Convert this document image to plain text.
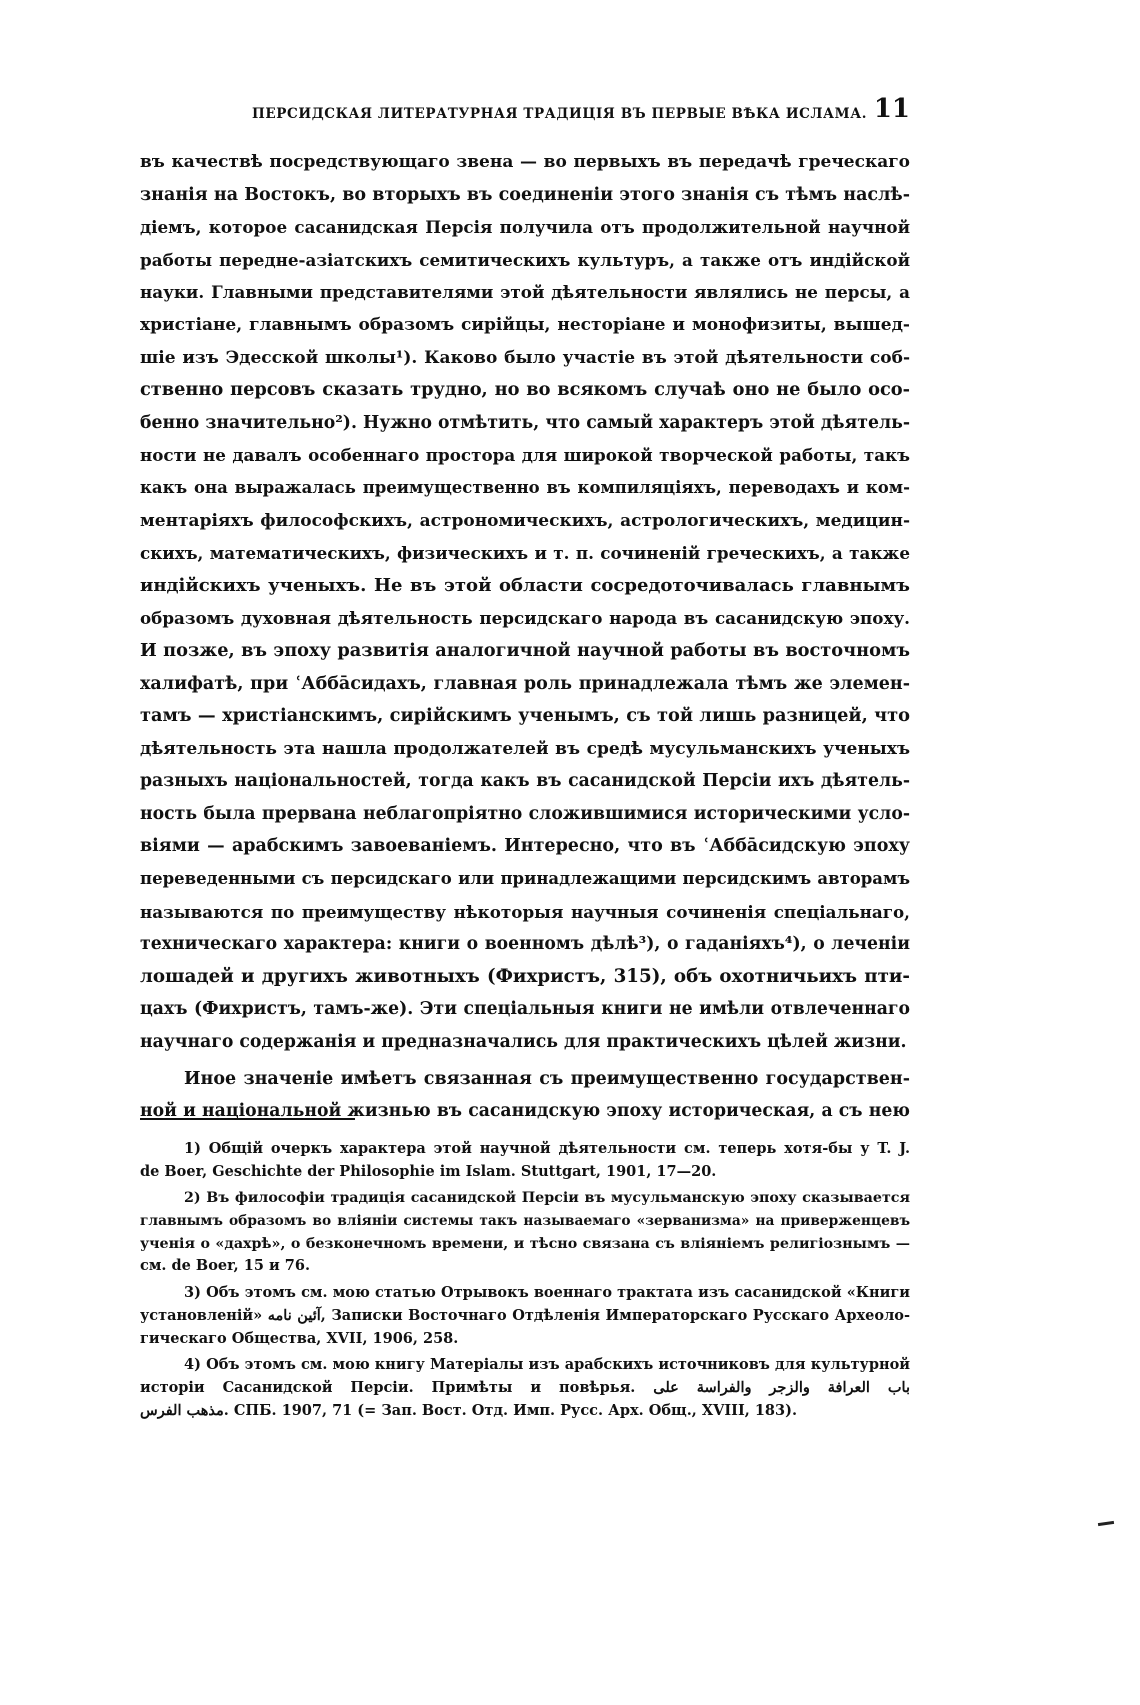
ПЕРСИДСКАЯ ЛИТЕРАТУРНАЯ ТРАДИЦІЯ ВЪ ПЕРВЫЕ ВѢКА ИСЛАМА. 11
въ качествѣ посредствующаго звена — во первыхъ въ передачѣ греческаго
знанія на Востокъ, во вторыхъ въ соединеніи этого знанія съ тѣмъ наслѣ-
діемъ, которое сасанидская Персія получила отъ продолжительной научной
работы передне-азіатскихъ семитическихъ культуръ, а также отъ индійской
науки. Главными представителями этой дѣятельности являлись не персы, а
христіане, главнымъ образомъ сирійцы, несторіане и монофизиты, вышед-
шіе изъ Эдесской школы¹). Каково было участіе въ этой дѣятельности соб-
ственно персовъ сказать трудно, но во всякомъ случаѣ оно не было осо-
бенно значительно²). Нужно отмѣтить, что самый характеръ этой дѣятель-
ности не давалъ особеннаго простора для широкой творческой работы, такъ
какъ она выражалась преимущественно въ компиляціяхъ, переводахъ и ком-
ментаріяхъ философскихъ, астрономическихъ, астрологическихъ, медицин-
скихъ, математическихъ, физическихъ и т. п. сочиненій греческихъ, а также
индійскихъ ученыхъ. Не въ этой области сосредоточивалась главнымъ
образомъ духовная дѣятельность персидскаго народа въ сасанидскую эпоху.
И позже, въ эпоху развитія аналогичной научной работы въ восточномъ
халифатѣ, при ʿАббāсидахъ, главная роль принадлежала тѣмъ же элемен-
тамъ — христіанскимъ, сирійскимъ ученымъ, съ той лишь разницей, что
дѣятельность эта нашла продолжателей въ средѣ мусульманскихъ ученыхъ
разныхъ національностей, тогда какъ въ сасанидской Персіи ихъ дѣятель-
ность была прервана неблагопріятно сложившимися историческими усло-
віями — арабскимъ завоеваніемъ. Интересно, что въ ʿАббāсидскую эпоху
переведенными съ персидскаго или принадлежащими персидскимъ авторамъ
называются по преимуществу нѣкоторыя научныя сочиненія спеціальнаго,
техническаго характера: книги о военномъ дѣлѣ³), о гаданіяхъ⁴), о леченіи
лошадей и другихъ животныхъ (Фихристъ, 315), объ охотничьихъ пти-
цахъ (Фихристъ, тамъ-же). Эти спеціальныя книги не имѣли отвлеченнаго
научнаго содержанія и предназначались для практическихъ цѣлей жизни.
Иное значеніе имѣетъ связанная съ преимущественно государствен-
ной и національной жизнью въ сасанидскую эпоху историческая, а съ нею
1) Общій очеркъ характера этой научной дѣятельности см. теперь хотя-бы у T. J.
de Boer, Geschichte der Philosophie im Islam. Stuttgart, 1901, 17—20.
2) Въ философіи традиція сасанидской Персіи въ мусульманскую эпоху сказывается
главнымъ образомъ во вліяніи системы такъ называемаго «зерванизма» на приверженцевъ
ученія о «дахрѣ», о безконечномъ времени, и тѣсно связана съ вліяніемъ религіознымъ —
см. de Boer, 15 и 76.
3) Объ этомъ см. мою статью Отрывокъ военнаго трактата изъ сасанидской «Книги
установленій» آئين نامه, Записки Восточнаго Отдѣленія Императорскаго Русскаго Археоло-
гическаго Общества, XVII, 1906, 258.
4) Объ этомъ см. мою книгу Матеріалы изъ арабскихъ источниковъ для культурной
исторіи Сасанидской Персіи. Примѣты и повѣрья. باب العرافة والزجر والفراسة على
مذهب الفرس. СПБ. 1907, 71 (= Зап. Вост. Отд. Имп. Русс. Арх. Общ., XVIII, 183).
